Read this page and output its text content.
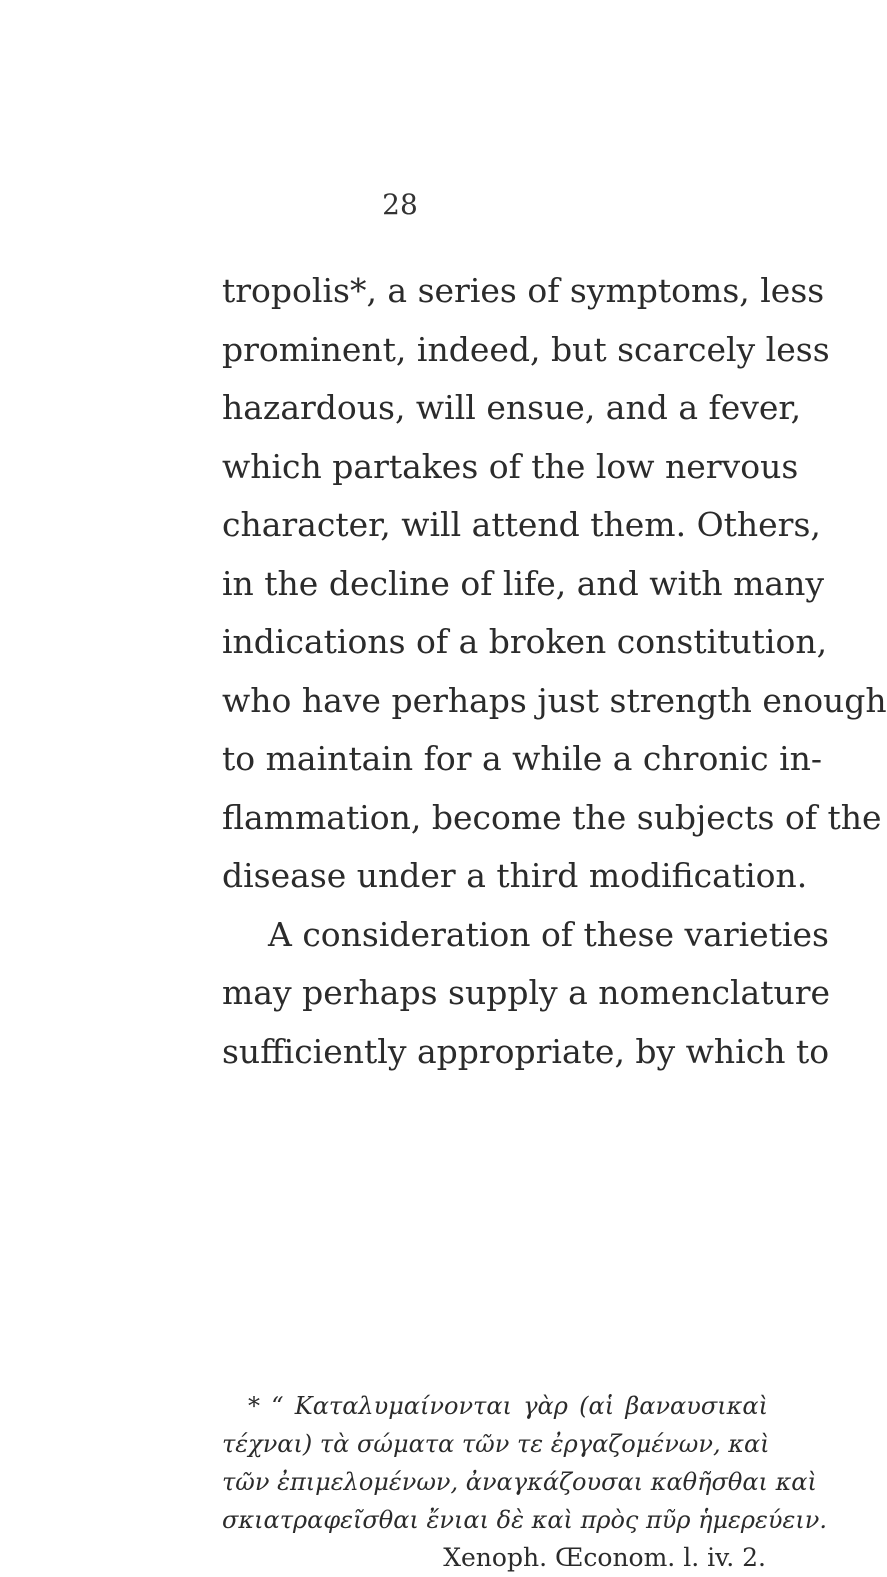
28
tropolis*, a series of symptoms, less
prominent, indeed, but scarcely less
hazardous, will ensue, and a fever,
which partakes of the low nervous
character, will attend them. Others,
in the decline of life, and with many
indications of a broken constitution,
who have perhaps just strength enough
to maintain for a while a chronic in-
flammation, become the subjects of the
disease under a third modification.
A consideration of these varieties
may perhaps supply a nomenclature
sufficiently appropriate, by which to
* “ Καταλυμαίνονται γὰρ (αἱ βαναυσικαὶ
τέχναι) τὰ σώματα τῶν τε ἐργαζομένων, καὶ
τῶν ἐπιμελομένων, ἀναγκάζουσαι καθῆσθαι καὶ
σκιατραφεῖσθαι ἔνιαι δὲ καὶ πρὸς πῦρ ἡμερεύειν.
Xenoph. Œconom. l. iv. 2.
